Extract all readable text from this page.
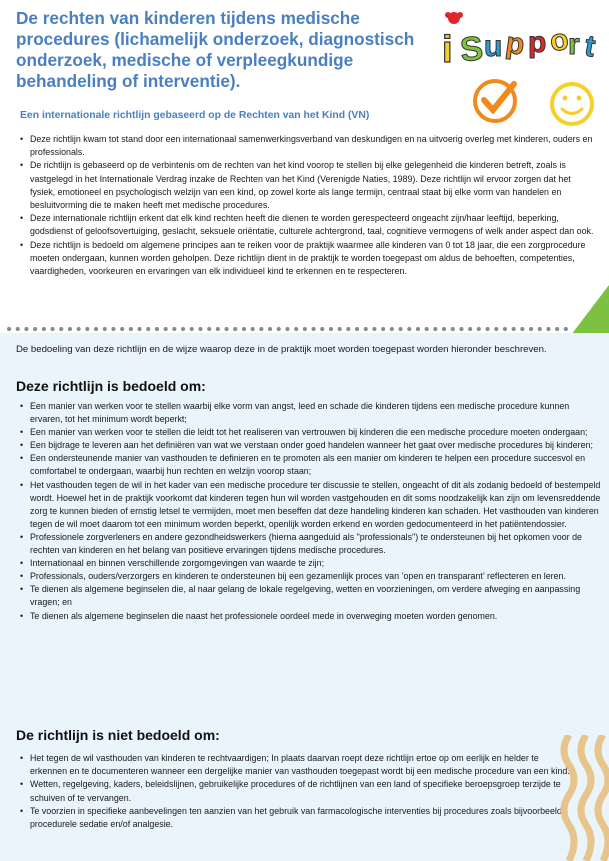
De rechten van kinderen tijdens medische procedures (lichamelijk onderzoek, diagnostisch onderzoek, medische of verpleegkundige behandeling of interventie).

Een internationale richtlijn gebaseerd op de Rechten van het Kind (VN)

i S u p p o
r t
• Deze richtlijn kwam tot stand door een internationaal samenwerkingsverband van deskundigen en na uitvoerig overleg met kinderen, ouders en professionals.
• De richtlijn is gebaseerd op de verbintenis om de rechten van het kind voorop te stellen bij elke gelegenheid die kinderen betreft, zoals is vastgelegd in het Internationale Verdrag inzake de Rechten van het Kind (Verenigde Naties, 1989). Deze richtlijn wil ervoor zorgen dat het fysiek, emotioneel en psychologisch welzijn van een kind, op zowel korte als lange termijn, centraal staat bij elke vorm van handelen en besluitvorming die te maken heeft met medische procedures.
• Deze internationale richtlijn erkent dat elk kind rechten heeft die dienen te worden gerespecteerd ongeacht zijn/haar leeftijd, beperking, godsdienst of geloofsovertuiging, geslacht, seksuele oriëntatie, culturele achtergrond, taal, cognitieve vermogens of welk ander aspect dan ook.
• Deze richtlijn is bedoeld om algemene principes aan te reiken voor de praktijk waarmee alle kinderen van 0 tot 18 jaar, die een zorgprocedure moeten ondergaan, kunnen worden geholpen. Deze richtlijn dient in de praktijk te worden toegepast om aldus de behoeften, competenties, vaardigheden, voorkeuren en ervaringen van elk individueel kind te erkennen en te respecteren.

De bedoeling van deze richtlijn en de wijze waarop deze in de praktijk moet worden toegepast worden hieronder beschreven.

Deze richtlijn is bedoeld om:
• Een manier van werken voor te stellen waarbij elke vorm van angst, leed en schade die kinderen tijdens een medische procedure kunnen ervaren, tot het minimum wordt beperkt;
• Een manier van werken voor te stellen die leidt tot het realiseren van vertrouwen bij kinderen die een medische procedure moeten ondergaan;
• Een bijdrage te leveren aan het definiëren van wat we verstaan onder goed handelen wanneer het gaat over medische procedures bij kinderen;
• Een ondersteunende manier van vasthouden te definieren en te promoten als een manier om kinderen te helpen een procedure succesvol en comfortabel te ondergaan, waarbij hun rechten en welzijn voorop staan;
• Het vasthouden tegen de wil in het kader van een medische procedure ter discussie te stellen, ongeacht of dit als zodanig bedoeld of bestempeld wordt. Hoewel het in de praktijk voorkomt dat kinderen tegen hun wil worden vastgehouden en dit soms noodzakelijk kan zijn om levensreddende zorg te kunnen bieden of ernstig letsel te vermijden, moet men beseffen dat deze handeling kinderen kan schaden. Het vasthouden van kinderen tegen de wil moet daarom tot een minimum worden beperkt, openlijk worden erkend en worden gedocumenteerd in het patiëntendossier.
• Professionele zorgverleners en andere gezondheidswerkers (hierna aangeduid als "professionals") te ondersteunen bij het opkomen voor de rechten van kinderen en het belang van positieve ervaringen tijdens medische procedures.
• Internationaal en binnen verschillende zorgomgevingen van waarde te zijn;
• Professionals, ouders/verzorgers en kinderen te ondersteunen bij een gezamenlijk proces van ‘open en transparant’ reflecteren en leren.
• Te dienen als algemene beginselen die, al naar gelang de lokale regelgeving, wetten en voorzieningen, om verdere afweging en aanpassing vragen; en
• Te dienen als algemene beginselen die naast het professionele oordeel mede in overweging moeten worden genomen.
De richtlijn is niet bedoeld om:
• Het tegen de wil vasthouden van kinderen te rechtvaardigen; In plaats daarvan roept deze richtlijn ertoe op om eerlijk en helder te erkennen en te documenteren wanneer een dergelijke manier van vasthouden toegepast wordt bij een medische procedure van een kind.
• Wetten, regelgeving, kaders, beleidslijnen, gebruikelijke procedures of de richtlijnen van een land of specifieke beroepsgroep terzijde te schuiven of te vervangen.
• Te voorzien in specifieke aanbevelingen ten aanzien van het gebruik van farmacologische interventies bij procedures zoals bijvoorbeeld procedurele sedatie en/of analgesie.
